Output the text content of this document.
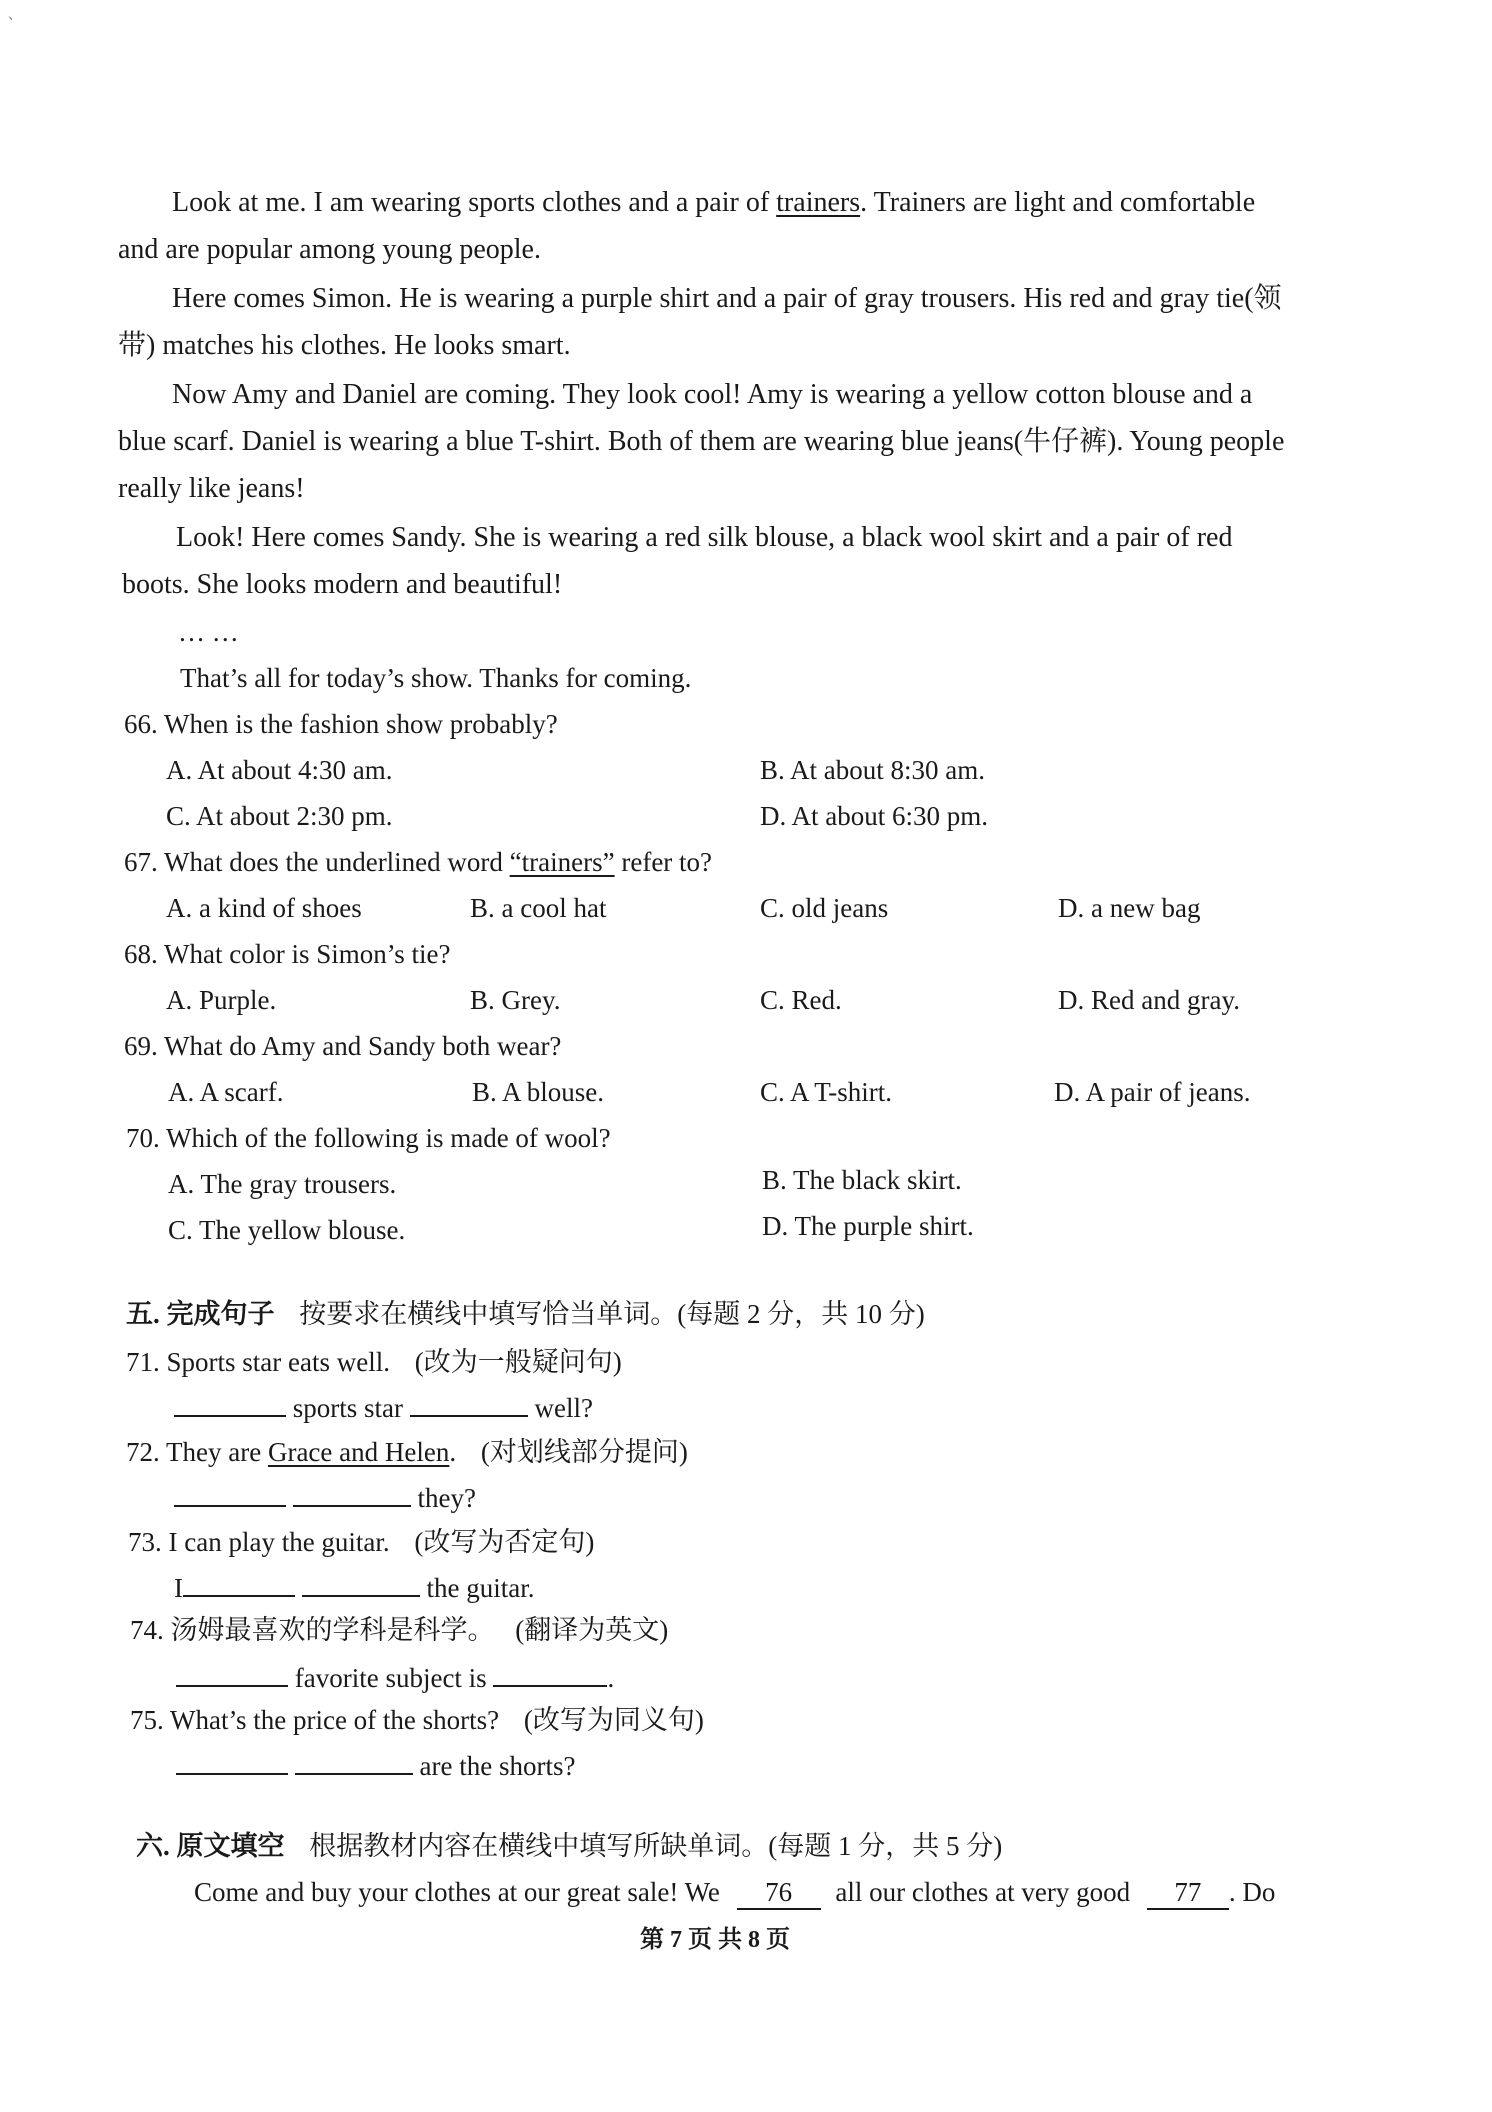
、
Look at me. I am wearing sports clothes and a pair of trainers. Trainers are light and comfortable
and are popular among young people.
Here comes Simon. He is wearing a purple shirt and a pair of gray trousers. His red and gray tie(领
带) matches his clothes. He looks smart.
Now Amy and Daniel are coming. They look cool! Amy is wearing a yellow cotton blouse and a
blue scarf. Daniel is wearing a blue T-shirt. Both of them are wearing blue jeans(牛仔裤). Young people
really like jeans!
Look! Here comes Sandy. She is wearing a red silk blouse, a black wool skirt and a pair of red
boots. She looks modern and beautiful!
… …
That’s all for today’s show. Thanks for coming.
66. When is the fashion show probably?
A. At about 4:30 am.	B. At about 8:30 am.
C. At about 2:30 pm.	D. At about 6:30 pm.
67. What does the underlined word “trainers” refer to?
A. a kind of shoes	B. a cool hat	C. old jeans	D. a new bag
68. What color is Simon’s tie?
A. Purple.	B. Grey.	C. Red.	D. Red and gray.
69. What do Amy and Sandy both wear?
A. A scarf.	B. A blouse.	C. A T-shirt.	D. A pair of jeans.
70. Which of the following is made of wool?
A. The gray trousers.	B. The black skirt.
C. The yellow blouse.	D. The purple shirt.
五. 完成句子 按要求在横线中填写恰当单词。(每题 2 分，共 10 分)
71. Sports star eats well. (改为一般疑问句)
sports star	well?
72. They are Grace and Helen. (对划线部分提问)
they?
73. I can play the guitar. (改写为否定句)
I	the guitar.
74. 汤姆最喜欢的学科是科学。 (翻译为英文)
favorite subject is	.
75. What’s the price of the shorts? (改写为同义句)
are the shorts?
六. 原文填空 根据教材内容在横线中填写所缺单词。(每题 1 分，共 5 分)
Come and buy your clothes at our great sale! We 76 all our clothes at very good 77 . Do
第 7 页 共 8 页
